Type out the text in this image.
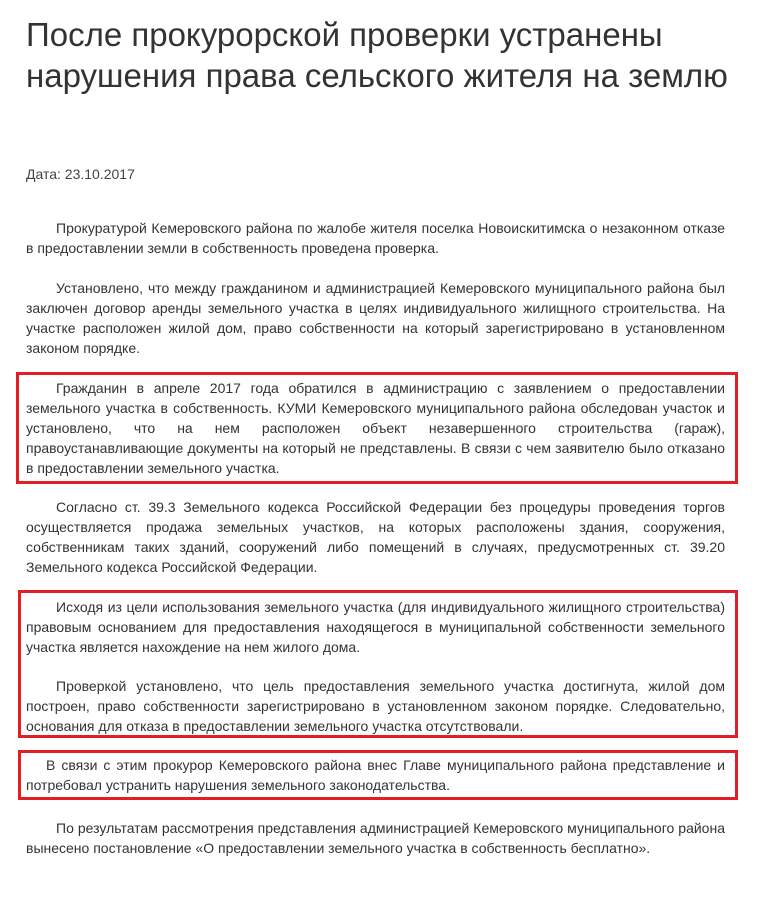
После прокурорской проверки устранены нарушения права сельского жителя на землю
Дата: 23.10.2017

Прокуратурой Кемеровского района по жалобе жителя поселка Новоискитимска о незаконном отказе в предоставлении земли в собственность проведена проверка.

Установлено, что между гражданином и администрацией Кемеровского муниципального района был заключен договор аренды земельного участка в целях индивидуального жилищного строительства. На участке расположен жилой дом, право собственности на который зарегистрировано в установленном законом порядке.

Гражданин в апреле 2017 года обратился в администрацию с заявлением о предоставлении земельного участка в собственность. КУМИ Кемеровского муниципального района обследован участок и установлено, что на нем расположен объект незавершенного строительства (гараж), правоустанавливающие документы на который не представлены. В связи с чем заявителю было отказано в предоставлении земельного участка.

Согласно ст. 39.3 Земельного кодекса Российской Федерации без процедуры проведения торгов осуществляется продажа земельных участков, на которых расположены здания, сооружения, собственникам таких зданий, сооружений либо помещений в случаях, предусмотренных ст. 39.20 Земельного кодекса Российской Федерации.

Исходя из цели использования земельного участка (для индивидуального жилищного строительства) правовым основанием для предоставления находящегося в муниципальной собственности земельного участка является нахождение на нем жилого дома.

Проверкой установлено, что цель предоставления земельного участка достигнута, жилой дом построен, право собственности зарегистрировано в установленном законом порядке. Следовательно, основания для отказа в предоставлении земельного участка отсутствовали.

В связи с этим прокурор Кемеровского района внес Главе муниципального района представление и потребовал устранить нарушения земельного законодательства.

По результатам рассмотрения представления администрацией Кемеровского муниципального района вынесено постановление «О предоставлении земельного участка в собственность бесплатно».
